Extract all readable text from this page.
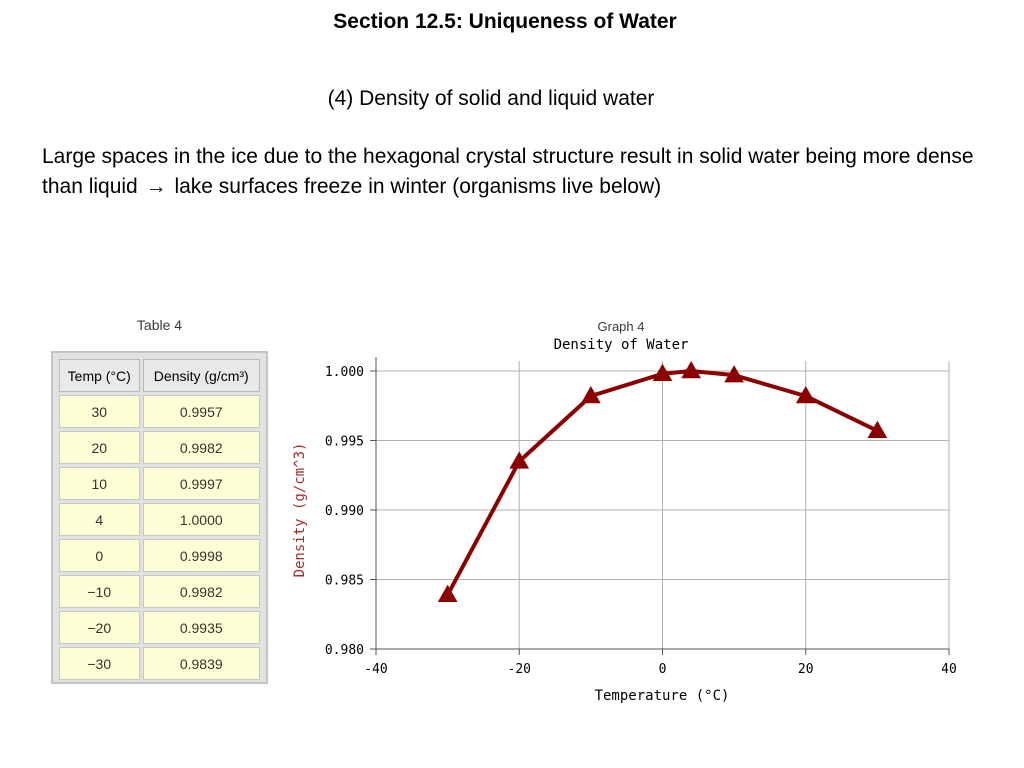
Section 12.5: Uniqueness of Water
(4) Density of solid and liquid water
Large spaces in the ice due to the hexagonal crystal structure result in solid water being more dense than liquid → lake surfaces freeze in winter (organisms live below)
Table 4
Temp (°C)	Density (g/cm³)
30	0.9957
20	0.9982
10	0.9997
4	1.0000
0	0.9998
−10	0.9982
−20	0.9935
−30	0.9839
Graph 4
Density of Water
0.980
0.985
0.990
0.995
1.000
-40	-20	0	20	40
Temperature (°C)
Density (g/cm^3)
